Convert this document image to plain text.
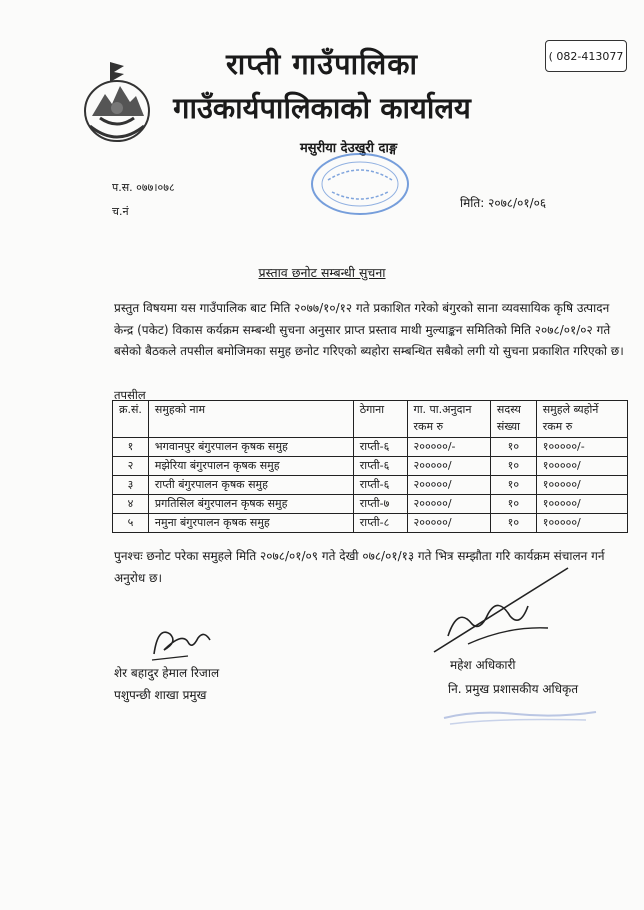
राप्ती गाउँपालिका
गाउँकार्यपालिकाको कार्यालय
मसुरीया देउखुरी दाङ्ग
( 082-413077
प.स. ०७७।०७८
च.नं
मिति: २०७८/०१/०६
प्रस्ताव छनोट सम्बन्धी सुचना
प्रस्तुत विषयमा यस गाउँपालिक बाट मिति २०७७/१०/१२ गते प्रकाशित गरेको बंगुरको साना व्यवसायिक कृषि उत्पादन केन्द्र (पकेट) विकास कर्यक्रम सम्बन्धी सुचना अनुसार प्राप्त प्रस्ताव माथी मुल्याङ्कन समितिको मिति २०७८/०१/०२ गते बसेको बैठकले तपसील बमोजिमका समुह छनोट गरिएको ब्यहोरा सम्बन्धित सबैको लगी यो सुचना प्रकाशित गरिएको छ।
तपसील
क्र.सं.	समुहको नाम	ठेगाना	गा. पा.अनुदान रकम रु	सदस्य संख्या	समुहले ब्यहोर्ने रकम रु
१	भगवानपुर बंगुरपालन कृषक समुह	राप्ती-६	२०००००/-	१०	१०००००/-
२	मझेरिया बंगुरपालन कृषक समुह	राप्ती-६	२०००००/	१०	१०००००/
३	राप्ती बंगुरपालन कृषक समुह	राप्ती-६	२०००००/	१०	१०००००/
४	प्रगतिसिल बंगुरपालन कृषक समुह	राप्ती-७	२०००००/	१०	१०००००/
५	नमुना बंगुरपालन कृषक समुह	राप्ती-८	२०००००/	१०	१०००००/
पुनश्चः छनोट परेका समुहले मिति २०७८/०१/०९ गते देखी ०७८/०१/१३ गते भित्र सम्झौता गरि कार्यक्रम संचालन गर्न अनुरोध छ।
शेर बहादुर हेमाल रिजाल
पशुपन्छी शाखा प्रमुख
महेश अधिकारी
नि. प्रमुख प्रशासकीय अधिकृत
